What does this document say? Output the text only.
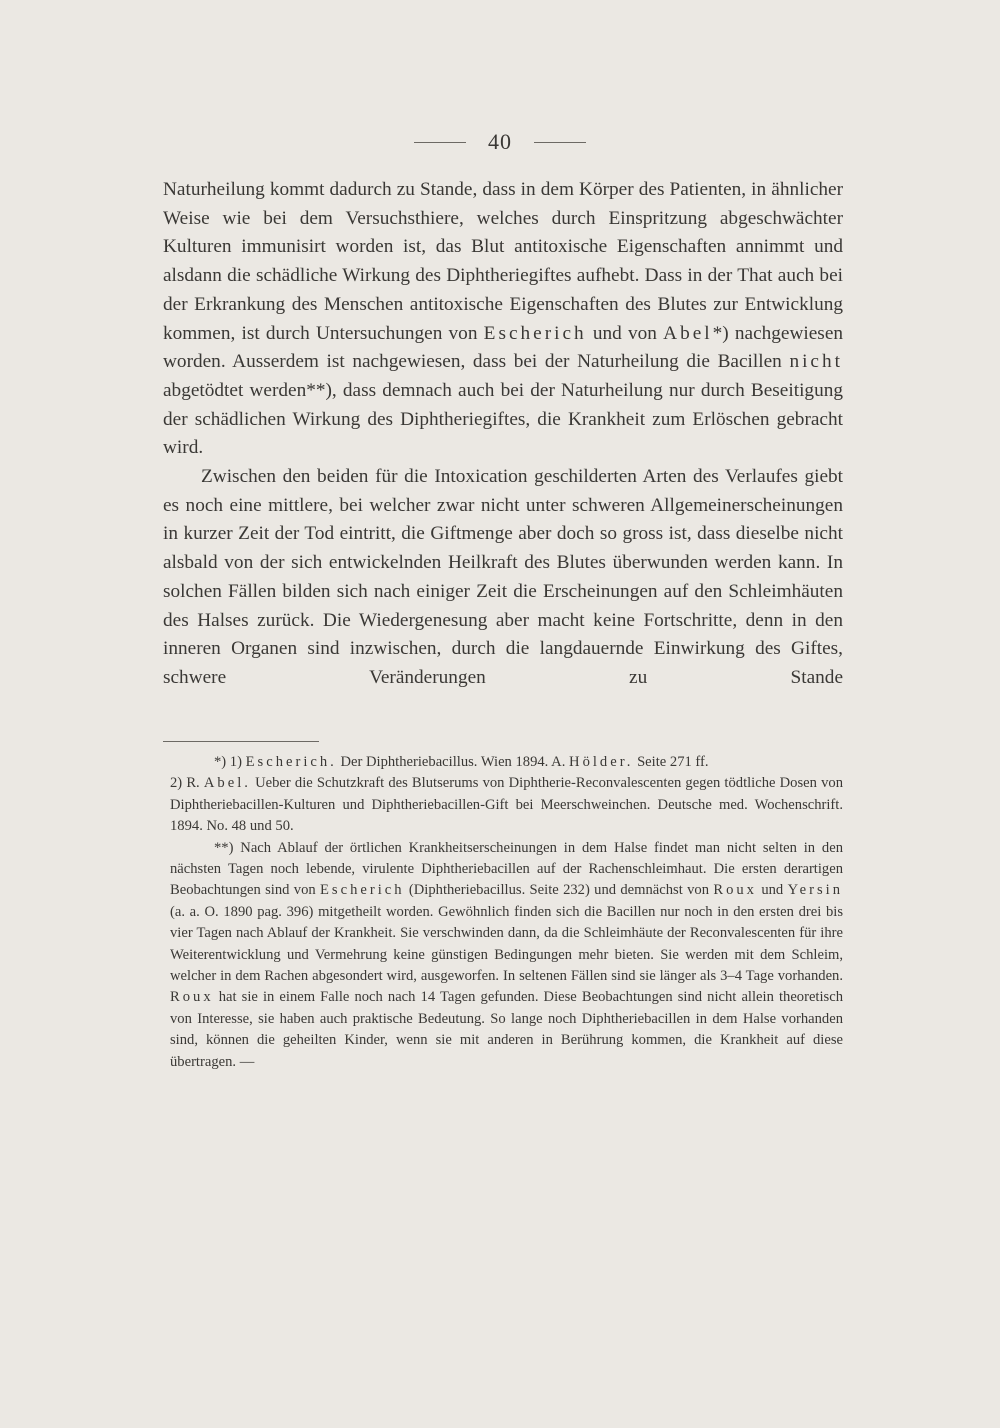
40

Naturheilung kommt dadurch zu Stande, dass in dem Körper des Patienten, in ähnlicher Weise wie bei dem Versuchsthiere, welches durch Einspritzung abgeschwächter Kulturen immunisirt worden ist, das Blut antitoxische Eigenschaften annimmt und alsdann die schädliche Wirkung des Diphtheriegiftes aufhebt. Dass in der That auch bei der Erkrankung des Menschen antitoxische Eigenschaften des Blutes zur Entwicklung kommen, ist durch Untersuchungen von Escherich und von Abel*) nachgewiesen worden. Ausserdem ist nachgewiesen, dass bei der Naturheilung die Bacillen nicht abgetödtet werden**), dass demnach auch bei der Naturheilung nur durch Beseitigung der schädlichen Wirkung des Diphtheriegiftes, die Krankheit zum Erlöschen gebracht wird.

Zwischen den beiden für die Intoxication geschilderten Arten des Verlaufes giebt es noch eine mittlere, bei welcher zwar nicht unter schweren Allgemeinerscheinungen in kurzer Zeit der Tod eintritt, die Giftmenge aber doch so gross ist, dass dieselbe nicht alsbald von der sich entwickelnden Heilkraft des Blutes überwunden werden kann. In solchen Fällen bilden sich nach einiger Zeit die Erscheinungen auf den Schleimhäuten des Halses zurück. Die Wiedergenesung aber macht keine Fortschritte, denn in den inneren Organen sind inzwischen, durch die langdauernde Einwirkung des Giftes, schwere Veränderungen zu Stande

*) 1) Escherich. Der Diphtheriebacillus. Wien 1894. A. Hölder. Seite 271 ff.
2) R. Abel. Ueber die Schutzkraft des Blutserums von Diphtherie-Reconvalescenten gegen tödtliche Dosen von Diphtheriebacillen-Kulturen und Diphtheriebacillen-Gift bei Meerschweinchen. Deutsche med. Wochenschrift. 1894. No. 48 und 50.

**) Nach Ablauf der örtlichen Krankheitserscheinungen in dem Halse findet man nicht selten in den nächsten Tagen noch lebende, virulente Diphtheriebacillen auf der Rachenschleimhaut. Die ersten derartigen Beobachtungen sind von Escherich (Diphtheriebacillus. Seite 232) und demnächst von Roux und Yersin (a. a. O. 1890 pag. 396) mitgetheilt worden. Gewöhnlich finden sich die Bacillen nur noch in den ersten drei bis vier Tagen nach Ablauf der Krankheit. Sie verschwinden dann, da die Schleimhäute der Reconvalescenten für ihre Weiterentwicklung und Vermehrung keine günstigen Bedingungen mehr bieten. Sie werden mit dem Schleim, welcher in dem Rachen abgesondert wird, ausgeworfen. In seltenen Fällen sind sie länger als 3–4 Tage vorhanden. Roux hat sie in einem Falle noch nach 14 Tagen gefunden. Diese Beobachtungen sind nicht allein theoretisch von Interesse, sie haben auch praktische Bedeutung. So lange noch Diphtheriebacillen in dem Halse vorhanden sind, können die geheilten Kinder, wenn sie mit anderen in Berührung kommen, die Krankheit auf diese übertragen. —
